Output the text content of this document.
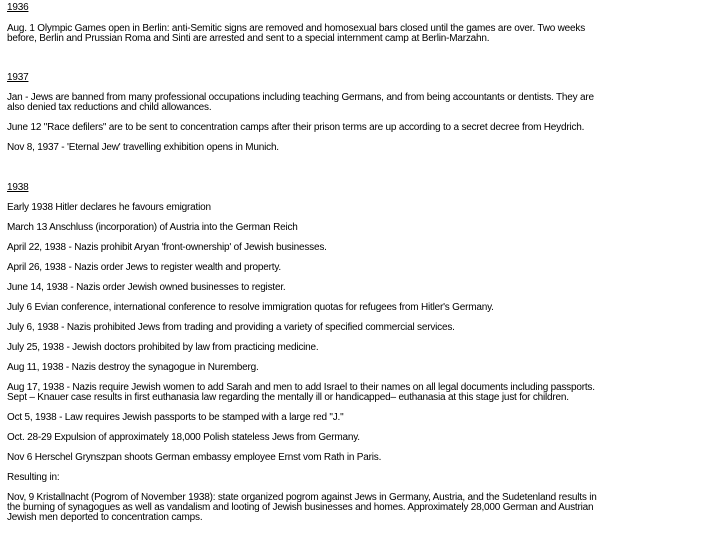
1936
Aug. 1 Olympic Games open in Berlin: anti-Semitic signs are removed and homosexual bars closed until the games are over. Two weeks
before, Berlin and Prussian Roma and Sinti are arrested and sent to a special internment camp at Berlin-Marzahn.
1937
Jan - Jews are banned from many professional occupations including teaching Germans, and from being accountants or dentists. They are
also denied tax reductions and child allowances.
June 12 "Race defilers" are to be sent to concentration camps after their prison terms are up according to a secret decree from Heydrich.
Nov 8, 1937 - 'Eternal Jew' travelling exhibition opens in Munich.
1938
Early 1938 Hitler declares he favours emigration
March 13 Anschluss (incorporation) of Austria into the German Reich
April 22, 1938 - Nazis prohibit Aryan 'front-ownership' of Jewish businesses.
April 26, 1938 - Nazis order Jews to register wealth and property.
June 14, 1938 - Nazis order Jewish owned businesses to register.
July 6 Evian conference, international conference to resolve immigration quotas for refugees from Hitler's Germany.
July 6, 1938 - Nazis prohibited Jews from trading and providing a variety of specified commercial services.
July 25, 1938 - Jewish doctors prohibited by law from practicing medicine.
Aug 11, 1938 - Nazis destroy the synagogue in Nuremberg.
Aug 17, 1938 - Nazis require Jewish women to add Sarah and men to add Israel to their names on all legal documents including passports.
Sept – Knauer case results in first euthanasia law regarding the mentally ill or handicapped– euthanasia at this stage just for children.
Oct 5, 1938 - Law requires Jewish passports to be stamped with a large red "J."
Oct. 28-29 Expulsion of approximately 18,000 Polish stateless Jews from Germany.
Nov 6 Herschel Grynszpan shoots German embassy employee Ernst vom Rath in Paris.
Resulting in:
Nov, 9 Kristallnacht (Pogrom of November 1938): state organized pogrom against Jews in Germany, Austria, and the Sudetenland results in
the burning of synagogues as well as vandalism and looting of Jewish businesses and homes. Approximately 28,000 German and Austrian
Jewish men deported to concentration camps.
